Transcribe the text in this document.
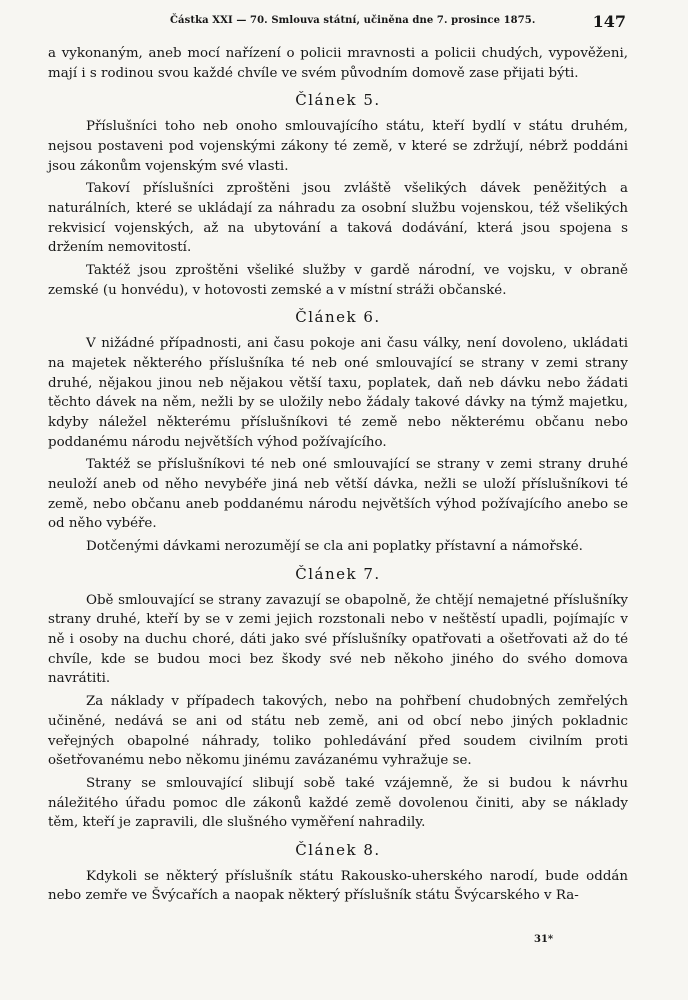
Částka XXI — 70. Smlouva státní, učiněna dne 7. prosince 1875.	147

a vykonaným, aneb mocí nařízení o policii mravnosti a policii chudých, vypověženi, mají i s rodinou svou každé chvíle ve svém původním domově zase přijati býti.

Článek 5.

Příslušníci toho neb onoho smlouvajícího státu, kteří bydlí v státu druhém, nejsou postaveni pod vojenskými zákony té země, v které se zdržují, nébrž poddáni jsou zákonům vojenským své vlasti.

Takoví příslušníci zproštěni jsou zvláště všelikých dávek peněžitých a naturálních, které se ukládají za náhradu za osobní službu vojenskou, též všelikých rekvisicí vojenských, až na ubytování a taková dodávání, která jsou spojena s držením nemovitostí.

Taktéž jsou zproštěni všeliké služby v gardě národní, ve vojsku, v obraně zemské (u honvédu), v hotovosti zemské a v místní stráži občanské.

Článek 6.

V nižádné případnosti, ani času pokoje ani času války, není dovoleno, ukládati na majetek některého příslušníka té neb oné smlouvající se strany v zemi strany druhé, nějakou jinou neb nějakou větší taxu, poplatek, daň neb dávku nebo žádati těchto dávek na něm, nežli by se uložily nebo žádaly takové dávky na týmž majetku, kdyby náležel některému příslušníkovi té země nebo některému občanu nebo poddanému národu největších výhod požívajícího.

Taktéž se příslušníkovi té neb oné smlouvající se strany v zemi strany druhé neuloží aneb od něho nevybéře jiná neb větší dávka, nežli se uloží příslušníkovi té země, nebo občanu aneb poddanému národu největších výhod požívajícího anebo se od něho vybéře.

Dotčenými dávkami nerozumějí se cla ani poplatky přístavní a námořské.

Článek 7.

Obě smlouvající se strany zavazují se obapolně, že chtějí nemajetné příslušníky strany druhé, kteří by se v zemi jejich rozstonali nebo v neštěstí upadli, pojímajíc v ně i osoby na duchu choré, dáti jako své příslušníky opatřovati a ošetřovati až do té chvíle, kde se budou moci bez škody své neb někoho jiného do svého domova navrátiti.

Za náklady v případech takových, nebo na pohřbení chudobných zemřelých učiněné, nedává se ani od státu neb země, ani od obcí nebo jiných pokladnic veřejných obapolné náhrady, toliko pohledávání před soudem civilním proti ošetřovanému nebo někomu jinému zavázanému vyhražuje se.

Strany se smlouvající slibují sobě také vzájemně, že si budou k návrhu náležitého úřadu pomoc dle zákonů každé země dovolenou činiti, aby se náklady těm, kteří je zapravili, dle slušného vyměření nahradily.

Článek 8.

Kdykoli se některý příslušník státu Rakousko-uherského narodí, bude oddán nebo zemře ve Švýcařích a naopak některý příslušník státu Švýcarského v Ra-

31*
